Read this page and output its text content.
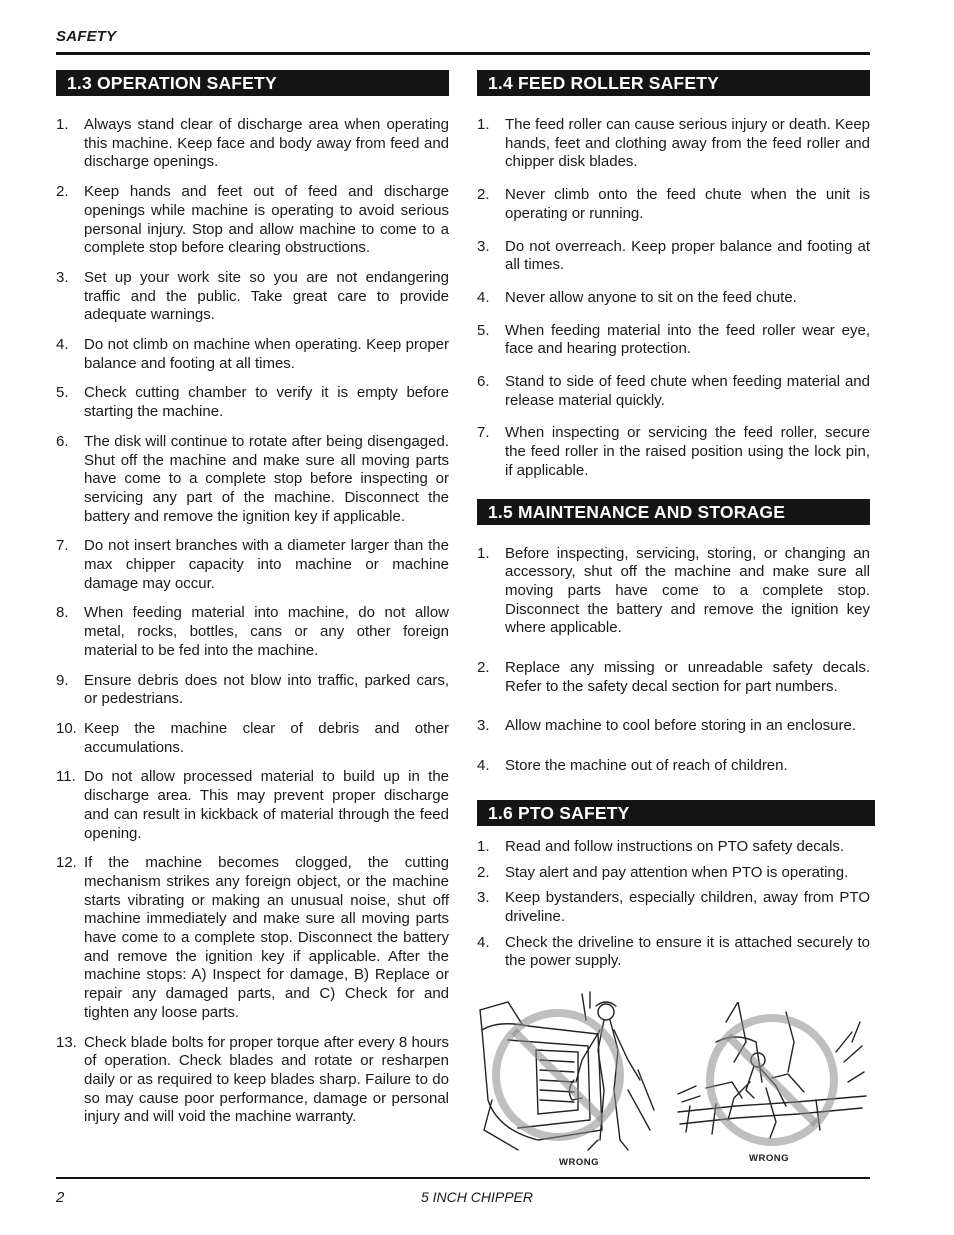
SAFETY
1.3 OPERATION SAFETY
1. Always stand clear of discharge area when operating this machine. Keep face and body away from feed and discharge openings.
2. Keep hands and feet out of feed and discharge openings while machine is operating to avoid serious personal injury. Stop and allow machine to come to a complete stop before clearing obstructions.
3. Set up your work site so you are not endangering traffic and the public. Take great care to provide adequate warnings.
4. Do not climb on machine when operating. Keep proper balance and footing at all times.
5. Check cutting chamber to verify it is empty before starting the machine.
6. The disk will continue to rotate after being disengaged. Shut off the machine and make sure all moving parts have come to a complete stop before inspecting or servicing any part of the machine. Disconnect the battery and remove the ignition key if applicable.
7. Do not insert branches with a diameter larger than the max chipper capacity into machine or machine damage may occur.
8. When feeding material into machine, do not allow metal, rocks, bottles, cans or any other foreign material to be fed into the machine.
9. Ensure debris does not blow into traffic, parked cars, or pedestrians.
10. Keep the machine clear of debris and other accumulations.
11. Do not allow processed material to build up in the discharge area. This may prevent proper discharge and can result in kickback of material through the feed opening.
12. If the machine becomes clogged, the cutting mechanism strikes any foreign object, or the machine starts vibrating or making an unusual noise, shut off machine immediately and make sure all moving parts have come to a complete stop. Disconnect the battery and remove the ignition key if applicable. After the machine stops: A) Inspect for damage, B) Replace or repair any damaged parts, and C) Check for and tighten any loose parts.
13. Check blade bolts for proper torque after every 8 hours of operation. Check blades and rotate or resharpen daily or as required to keep blades sharp. Failure to do so may cause poor performance, damage or personal injury and will void the machine warranty.
1.4 FEED ROLLER SAFETY
1. The feed roller can cause serious injury or death. Keep hands, feet and clothing away from the feed roller and chipper disk blades.
2. Never climb onto the feed chute when the unit is operating or running.
3. Do not overreach. Keep proper balance and footing at all times.
4. Never allow anyone to sit on the feed chute.
5. When feeding material into the feed roller wear eye, face and hearing protection.
6. Stand to side of feed chute when feeding material and release material quickly.
7. When inspecting or servicing the feed roller, secure the feed roller in the raised position using the lock pin, if applicable.
1.5 MAINTENANCE AND STORAGE
1. Before inspecting, servicing, storing, or changing an accessory, shut off the machine and make sure all moving parts have come to a complete stop. Disconnect the battery and remove the ignition key where applicable.
2. Replace any missing or unreadable safety decals. Refer to the safety decal section for part numbers.
3. Allow machine to cool before storing in an enclosure.
4. Store the machine out of reach of children.
1.6 PTO SAFETY
1. Read and follow instructions on PTO safety decals.
2. Stay alert and pay attention when PTO is operating.
3. Keep bystanders, especially children, away from PTO driveline.
4. Check the driveline to ensure it is attached securely to the power supply.
WRONG	WRONG
2	5 INCH CHIPPER
